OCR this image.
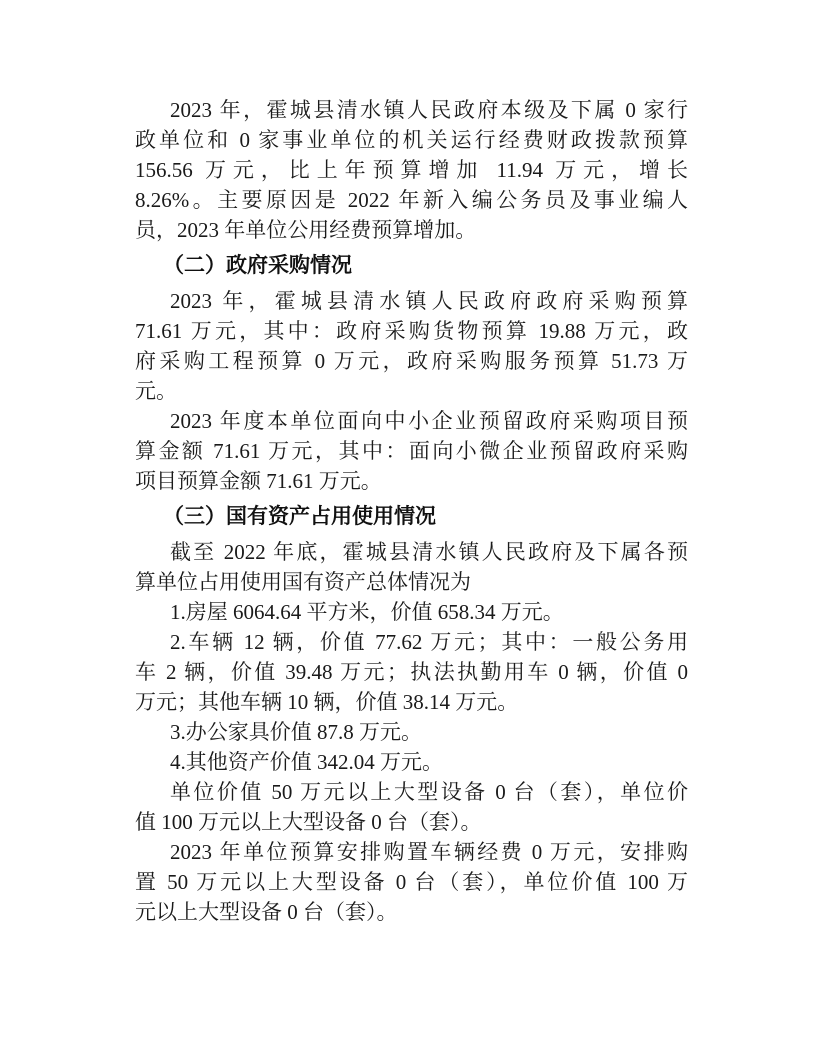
2023 年，霍城县清水镇人民政府本级及下属 0 家行
政单位和 0 家事业单位的机关运行经费财政拨款预算
156.56 万元，比上年预算增加 11.94 万元，增长
8.26%。主要原因是 2022 年新入编公务员及事业编人
员，2023 年单位公用经费预算增加。
（二）政府采购情况
2023 年，霍城县清水镇人民政府政府采购预算
71.61 万元，其中：政府采购货物预算 19.88 万元，政
府采购工程预算 0 万元，政府采购服务预算 51.73 万
元。
2023 年度本单位面向中小企业预留政府采购项目预
算金额 71.61 万元，其中：面向小微企业预留政府采购
项目预算金额 71.61 万元。
（三）国有资产占用使用情况
截至 2022 年底，霍城县清水镇人民政府及下属各预
算单位占用使用国有资产总体情况为
1.房屋 6064.64 平方米，价值 658.34 万元。
2.车辆 12 辆，价值 77.62 万元；其中：一般公务用
车 2 辆，价值 39.48 万元；执法执勤用车 0 辆，价值 0
万元；其他车辆 10 辆，价值 38.14 万元。
3.办公家具价值 87.8 万元。
4.其他资产价值 342.04 万元。
单位价值 50 万元以上大型设备 0 台（套），单位价
值 100 万元以上大型设备 0 台（套）。
2023 年单位预算安排购置车辆经费 0 万元，安排购
置 50 万元以上大型设备 0 台（套），单位价值 100 万
元以上大型设备 0 台（套）。
